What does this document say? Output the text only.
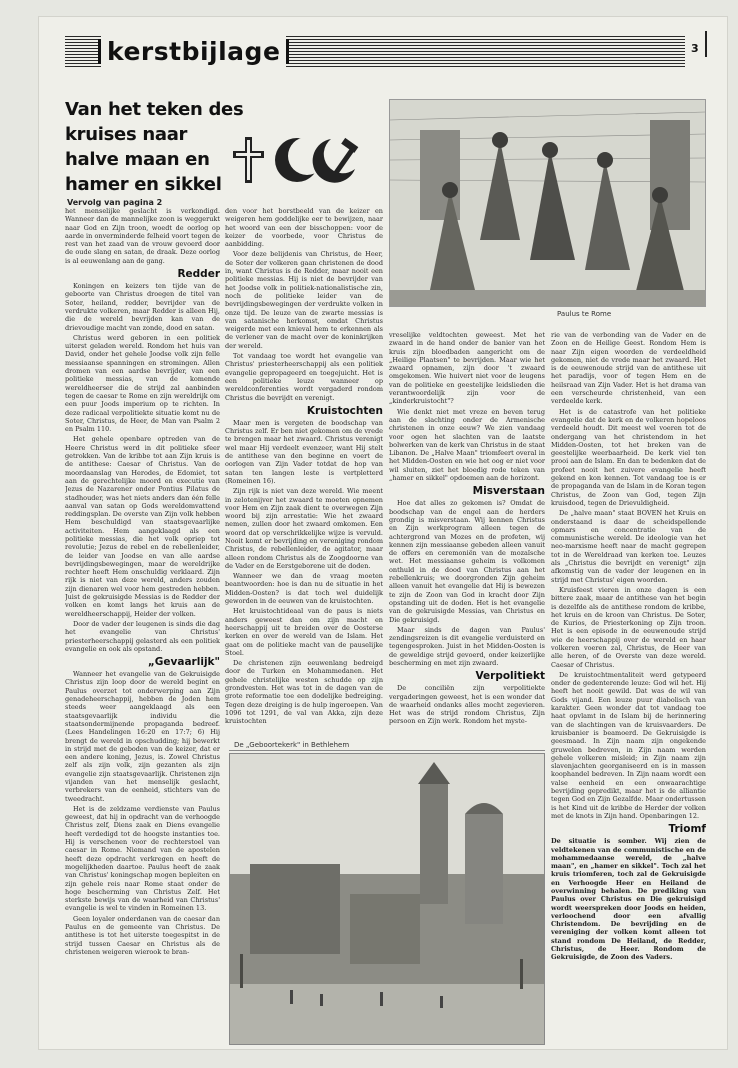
kerstbijlage	3
Van het teken des kruises naar
halve maan en
hamer en sikkel
Vervolg van pagina 2

het menselijke geslacht is verkondigd. Wanneer dan de mannelijke zoon is weggerukt naar God en Zijn troon, woedt de oorlog op aarde in onverminderde felheid voort tegen de rest van het zaad van de vrouw gevoerd door de oude slang en satan, de draak. Deze oorlog is al eeuwenlang aan de gang.

Redder

Koningen en keizers ten tijde van de geboorte van Christus droegen de titel van Soter, heiland, redder, bevrijder van de verdrukte volkeren, maar Redder is alleen Hij, die de wereld bevrijden kan van de drievoudige macht van zonde, dood en satan.

Christus werd geboren in een politiek uiterst geladen wereld. Rondom het huis van David, onder het gehele Joodse volk zijn felle messiaanse spanningen en stromingen. Allen dromen van een aardse bevrijder, van een politieke messias, van de komende wereldheerser die de strijd zal aanbinden tegen de caesar te Rome en zijn wereldrijk om een puur Joods imperium op te richten. In deze radicaal verpolitiekte situatie komt nu de Soter, Christus, de Heer, de Man van Psalm 2 en Psalm 110.

Het gehele openbare optreden van de Heere Christus werd in dit politieke sfeer getrokken. Van de kribbe tot aan Zijn kruis is de antithese: Caesar of Christus. Van de moordaanslag van Herodes, de Edomiet, tot aan de gerechtelijke moord en executie van Jezus de Nazarener onder Pontius Pilatus de stadhouder, was het niets anders dan één felle aanval van satan op Gods wereldomvattend reddingsplan. De overste van Zijn volk hebben Hem beschuldigd van staatsgevaarlijke activiteiten. Hem aangeklaagd als een politieke messias, die het volk opriep tot revolutie; Jezus de rebel en de rebellenleider, de leider van Joodse en van alle aardse bevrijdingsbewegingen, maar de wereldrijke rechter heeft Hem onschuldig verklaard. Zijn rijk is niet van deze wereld, anders zouden zijn dienaren wel voor hem gestreden hebben. Juist de gekruisigde Messias is de Redder der volken en komt langs het kruis aan de wereldheerschappij, Heider der volken.

Door de vader der leugenen is sinds die dag het evangelie van Christus' priesterheerschappij gelasterd als een politiek evangelie en ook als opstand.

„Gevaarlijk"

Wanneer het evangelie van de Gekruisigde Christus zijn loop door de wereld begint en Paulus overzet tot onderwerping aan Zijn genadeheerschappij, hebben de Joden hem steeds weer aangeklaagd als een staatsgevaarlijk individu die staatsondermijnende propaganda bedreef. (Lees Handelingen 16:20 en 17:7; 6) Hij brengt de wereld in opschudding; hij bewerkt in strijd met de geboden van de keizer, dat er een andere koning, Jezus, is. Zowel Christus zelf als zijn volk, zijn gezanten als zijn evangelie zijn staatsgevaarlijk. Christenen zijn vijanden van het menselijk geslacht, verbrekers van de eenheid, stichters van de tweedracht.

Het is de zeldzame verdienste van Paulus geweest, dat hij in opdracht van de verhoogde Christus zelf, Diens zaak en Diens evangelie heeft verdedigd tot de hoogste instanties toe. Hij is verschenen voor de rechterstoel van caesar in Rome. Niemand van de apostelen heeft deze opdracht verkregen en heeft de mogelijkheden daartoe. Paulus heeft de zaak van Christus' koningschap mogen bepleiten en zijn gehele reis naar Rome staat onder de hoge bescherming van Christus Zelf. Het sterkste bewijs van de waarheid van Christus' evangelie is wel te vinden in Romeinen 13.

Geen loyaler onderdanen van de caesar dan Paulus en de gemeente van Christus. De antithese is tot het uiterste toegespitst in de strijd tussen Caesar en Christus als de christenen weigeren wierook te bran-

den voor het borstbeeld van de keizer en weigeren hem goddelijke eer te bewijzen, naar het woord van een der bisschoppen: voor de keizer de voorbede, voor Christus de aanbidding.

Voor deze belijdenis van Christus, de Heer, de Soter der volkeren gaan christenen de dood in, want Christus is de Redder, maar nooit een politieke messias. Hij is niet de bevrijder van het Joodse volk in politiek-nationalistische zin, noch de politieke leider van de bevrijdingsbewegingen der verdrukte volken in onze tijd. De leuze van de zwarte messias is van satanische herkomst, omdat Christus weigerde met een knieval hem te erkennen als de verlener van de macht over de koninkrijken der wereld.

Tot vandaag toe wordt het evangelie van Christus' priesterheerschappij als een politiek evangelie gepropageerd en toegejuicht. Het is een politieke leuze wanneer op wereldconferenties wordt vergaderd rondom Christus die bevrijdt en verenigt.

Kruistochten

Maar men is vergeten de boodschap van Christus zelf. Er ben niet gekomen om de vrede te brengen maar het zwaard. Christus verenigt wel maar Hij verdeelt evenzeer, want Hij stelt de antithese van den beginne en voert de oorlogen van Zijn Vader totdat de hop van satan ten langen leste is vertpletterd (Romeinen 16).

Zijn rijk is niet van deze wereld. Wie meent in zelotenijver het zwaard te moeten opnemen voor Hem en Zijn zaak dient te overwegen Zijn woord bij zijn arrestatie: Wie het zwaard nemen, zullen door het zwaard omkomen. Een woord dat op verschrikkelijke wijze is vervuld. Nooit komt er bevrijding en vereniging rondom Christus, de rebellenleider, de agitator, maar alleen rondom Christus als de Zoogdoorne van de Vader en de Eerstgeborene uit de doden.

Wanneer we dan de vraag moeten beantwoorden: hoe is dan nu de situatie in het Midden-Oosten? is dat toch wel duidelijk geworden in de eeuwen van de kruistochten.

Het kruistochtideaal van de paus is niets anders geweest dan om zijn macht en heerschappij uit te breiden over de Oosterse kerken en over de wereld van de Islam. Het gaat om de politieke macht van de pauselijke Stoel.

De christenen zijn eeuwenlang bedreigd door de Turken en Mohammedanen. Het gehele christelijke westen schudde op zijn grondvesten. Het was tot in de dagen van de grote reformatie toe een dodelijke bedreiging. Tegen deze dreiging is de hulp ingeroepen. Van 1096 tot 1291, de val van Akka, zijn deze kruistochten

Paulus te Rome

vreselijke veldtochten geweest. Met het zwaard in de hand onder de banier van het kruis zijn bloedbaden aangericht om de „Heilige Plaatsen" te bevrijden. Maar wie het zwaard opnamen, zijn door 't zwaard omgekomen. Wie huivert niet voor de leugens van de politieke en geestelijke leidslieden die verantwoordelijk zijn voor de „kinderkruistocht"?

Wie denkt niet met vreze en beven terug aan de slachting onder de Armenische christenen in onze eeuw? We zien vandaag voor ogen het slachten van de laatste bolwerken van de kerk van Christus in de staat Libanon. De „Halve Maan" triomfeert overal in het Midden-Oosten en wie het oog er niet voor wil sluiten, ziet het bloedig rode teken van „hamer en sikkel" opdoemen aan de horizont.

Misverstaan

Hoe dat alles zo gekomen is? Omdat de boodschap van de engel aan de herders grondig is misverstaan. Wij kennen Christus en Zijn werkprogram alleen tegen de achtergrond van Mozes en de profeten, wij kennen zijn messiaanse gebeden alleen vanuit de offers en ceremoniën van de mozaïsche wet. Het messiaanse geheim is volkomen onthuld in de dood van Christus aan het rebellenkruis; we doorgronden Zijn geheim alleen vanuit het evangelie dat Hij is bewezen te zijn de Zoon van God in kracht door Zijn opstanding uit de doden. Het is het evangelie van de gekruisigde Messias, van Christus en Die gekruisigd.

Maar sinds de dagen van Paulus' zendingsreizen is dit evangelie verduisterd en tegengesproken. Juist in het Midden-Oosten is de geweldige strijd gevoerd, onder keizerlijke bescherming en met zijn zwaard.

Verpolitiekt

De conciliën zijn verpolitiekte vergaderingen geweest, het is een wonder dat de waarheid ondanks alles mocht zegevieren. Het was de strijd rondom Christus, Zijn persoon en Zijn werk. Rondom het myste-

rie van de verbonding van de Vader en de Zoon en de Heilige Geest. Rondom Hem is naar Zijn eigen woorden de verdeeldheid gekomen, niet de vrede maar het zwaard. Het is de eeuwenoude strijd van de antithese uit het paradijs, voor of tegen Hem en de heilsraad van Zijn Vader. Het is het drama van een verscheurde christenheid, van een verdeelde kerk.

Het is de catastrofe van het politieke evangelie dat de kerk en de volkeren hopeloos verdeeld houdt. Dit meest wel voeren tot de ondergang van het christendom in het Midden-Oosten, tot het breken van de geestelijke weerbaarheid. De kerk viel ten prooi aan de Islam. En dan te bedenken dat de profeet nooit het zuivere evangelie heeft gekend en kon kennen. Tot vandaag toe is er de propaganda van de Islam in de Koran tegen Christus, de Zoon van God, tegen Zijn kruisdood, tegen de Drievuldigheid.

De „halve maan" staat BOVEN het Kruis en onderstaand is daar de scheidspellende opmars en concentratie van de communistische wereld. De ideologie van het neo-marxisme heeft naar de macht gegrepen tot in de Wereldraad van kerken toe. Leuzes als „Christus die bevrijdt en verenigt" zijn afkomstig van de vader der leugenen en in strijd met Christus' eigen woorden.

Kruisfeest vieren in onze dagen is een bittere zaak, maar de antithese van het begin is dezelfde als de antithese rondom de kribbe, het kruis en de kroon van Christus. De Soter, de Kurios, de Priesterkoning op Zijn troon. Het is een episode in de eeuwenoude strijd wie de heerschappij over de wereld en haar volkeren voeren zal, Christus, de Heer van alle heren, of de Overste van deze wereld. Caesar of Christus.

De kruistochtmentaliteit werd getypeerd onder de gedenterende leuze: God wil het. Hij heeft het nooit gewild. Dat was de wil van Gods vijand. Een leuze puur diabolisch van karakter. Geen wonder dat tot vandaag toe haat opvlamt in de Islam bij de herinnering van de slachtingen van de kruisvaarders. De kruisbanier is beamoerd. De Gekruisigde is geesmaad. In Zijn naam zijn ongekende gruwelen bedreven, in Zijn naam werden gehele volkeren misleid; in Zijn naam zijn slavenjachten georganiseerd en is in massen koophandel bedreven. In Zijn naam wordt een valse eenheid en een onwaarachtige bevrijding gepredikt, maar het is de alliantie tegen God en Zijn Gezalfde. Maar ondertussen is het Kind uit de kribbe de Herder der volken met de knots in Zijn hand. Openbaringen 12.

Triomf

De situatie is somber. Wij zien de veldtekenen van de communistische en de mohammedaanse wereld, de „halve maan", en „hamer en sikkel". Toch zal het kruis triomferen, toch zal de Gekruisigde en Verhoogde Heer en Heiland de overwinning behalen. De prediking van Paulus over Christus en Die gekruisigd wordt weerspreken door Joods en heiden, verloochend door een afvallig Christendom. De bevrijding en de vereniging der volken komt alleen tot stand rondom De Heiland, de Redder, Christus, de Heer. Rondom de Gekruisigde, de Zoon des Vaders.

De „Geboortekerk" in Bethlehem
